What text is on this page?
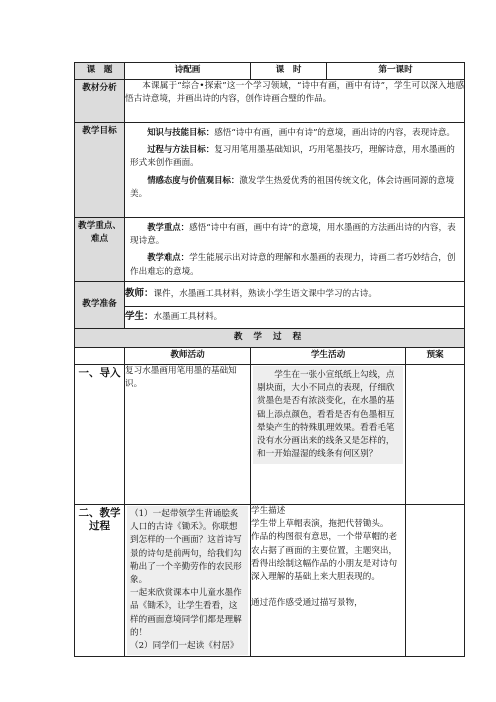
课　题	诗配画	课　时	第一课时	
教材分析	本课属于“综合•探索”这一个学习领域，“诗中有画，画中有诗”，学生可以深入地感悟古诗意境，并画出诗的内容，创作诗画合璧的作品。			
教学目标	知识与技能目标：感悟“诗中有画，画中有诗”的意境，画出诗的内容，表现诗意。
过程与方法目标：复习用笔用墨基础知识，巧用笔墨技巧，理解诗意，用水墨画的形式来创作画面。
情感态度与价值观目标：激发学生热爱优秀的祖国传统文化，体会诗画同源的意境美。			

教学重点、难点	教学重点：感悟“诗中有画，画中有诗”的意境，用水墨画的方法画出诗的内容，表现诗意。
教学难点：学生能展示出对诗意的理解和水墨画的表现力，诗画二者巧妙结合，创作出难忘的意境。			

教学准备	教师：课件，水墨画工具材料，熟读小学生语文课中学习的古诗。			
	学生：水墨画工具材料。			
教 学 过 程				
	教师活动	学生活动		预案
一、导入	复习水墨画用笔用墨的基础知识。	学生在一张小宣纸纸上勾线，点剔块面，大小不同点的表现，仔细欣赏墨色是否有浓淡变化，在水墨的基础上添点颜色，看看是否有色墨相互晕染产生的特殊肌理效果。看看毛笔没有水分画出来的线条又是怎样的，和一开始湿湿的线条有何区别？		

二、教学过程	（1）一起带领学生背诵脍炙人口的古诗《锄禾》。你联想到怎样的一个画面？这首诗写景的诗句是前两句，给我们勾勒出了一个辛勤劳作的农民形象。
一起来欣赏课本中儿童水墨作品《锄禾》，让学生看看，这样的画面意境同学们都是理解的！
（2）同学们一起读《村居》	学生描述
学生带上草帽表演，拖把代替锄头。
作品的构图很有意思，一个带草帽的老农占据了画面的主要位置，主题突出，看得出绘制这幅作品的小朋友是对诗句深入理解的基础上来大胆表现的。

通过范作感受通过描写景物，		
